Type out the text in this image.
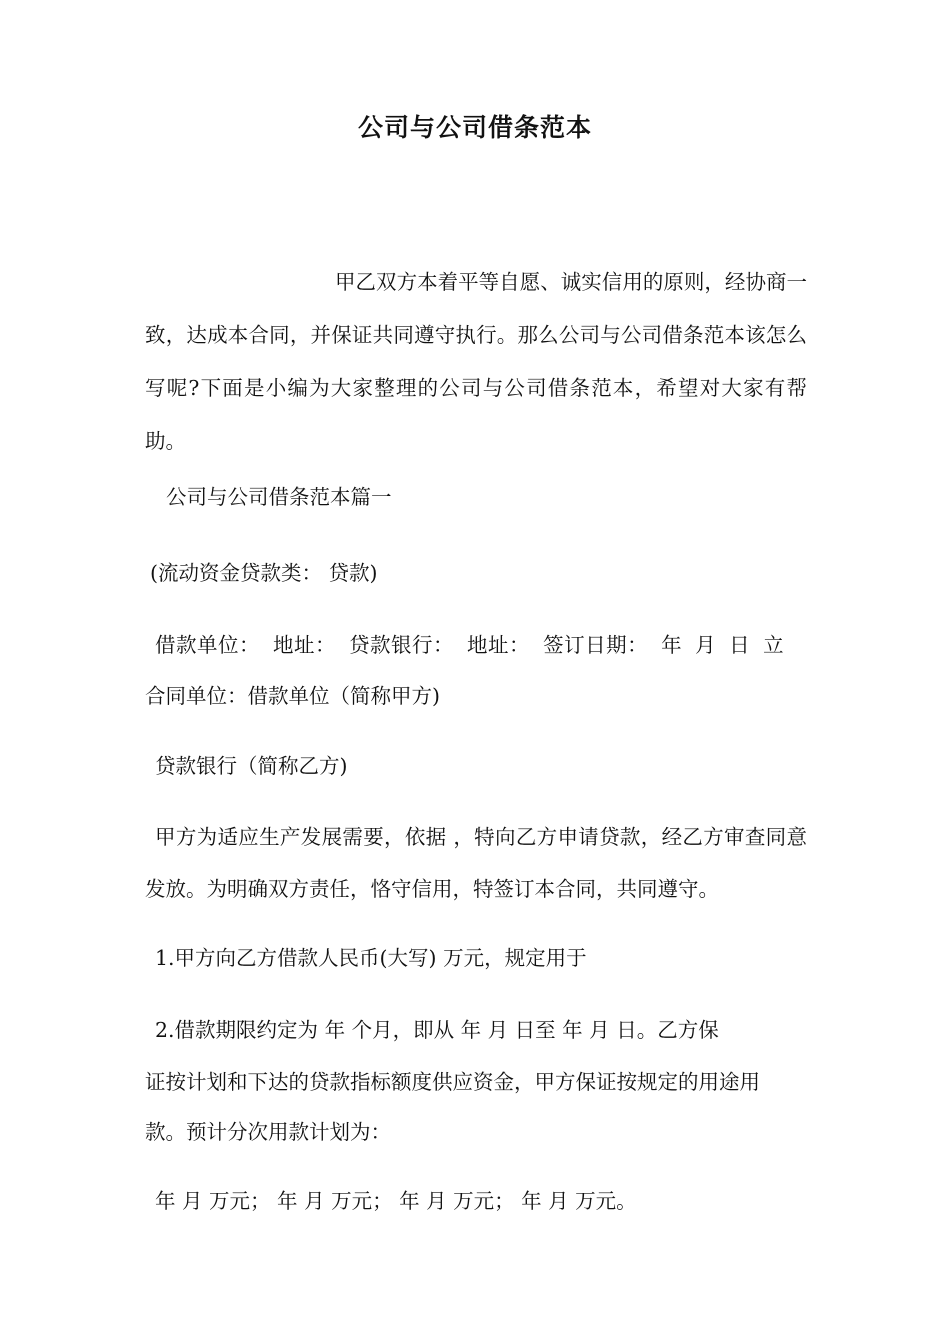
公司与公司借条范本
甲乙双方本着平等自愿、诚实信用的原则，经协商一致，达成本合同，并保证共同遵守执行。那么公司与公司借条范本该怎么写呢?下面是小编为大家整理的公司与公司借条范本，希望对大家有帮助。
公司与公司借条范本篇一
(流动资金贷款类： 贷款)
借款单位： 地址： 贷款银行： 地址： 签订日期： 年 月 日 立
合同单位：借款单位（简称甲方)
贷款银行（简称乙方)
甲方为适应生产发展需要，依据 ，特向乙方申请贷款，经乙方审查同意发放。为明确双方责任，恪守信用，特签订本合同，共同遵守。
1.甲方向乙方借款人民币(大写) 万元，规定用于
2.借款期限约定为 年 个月，即从 年 月 日至 年 月 日。乙方保
证按计划和下达的贷款指标额度供应资金，甲方保证按规定的用途用
款。预计分次用款计划为：
年 月 万元； 年 月 万元； 年 月 万元； 年 月 万元。
